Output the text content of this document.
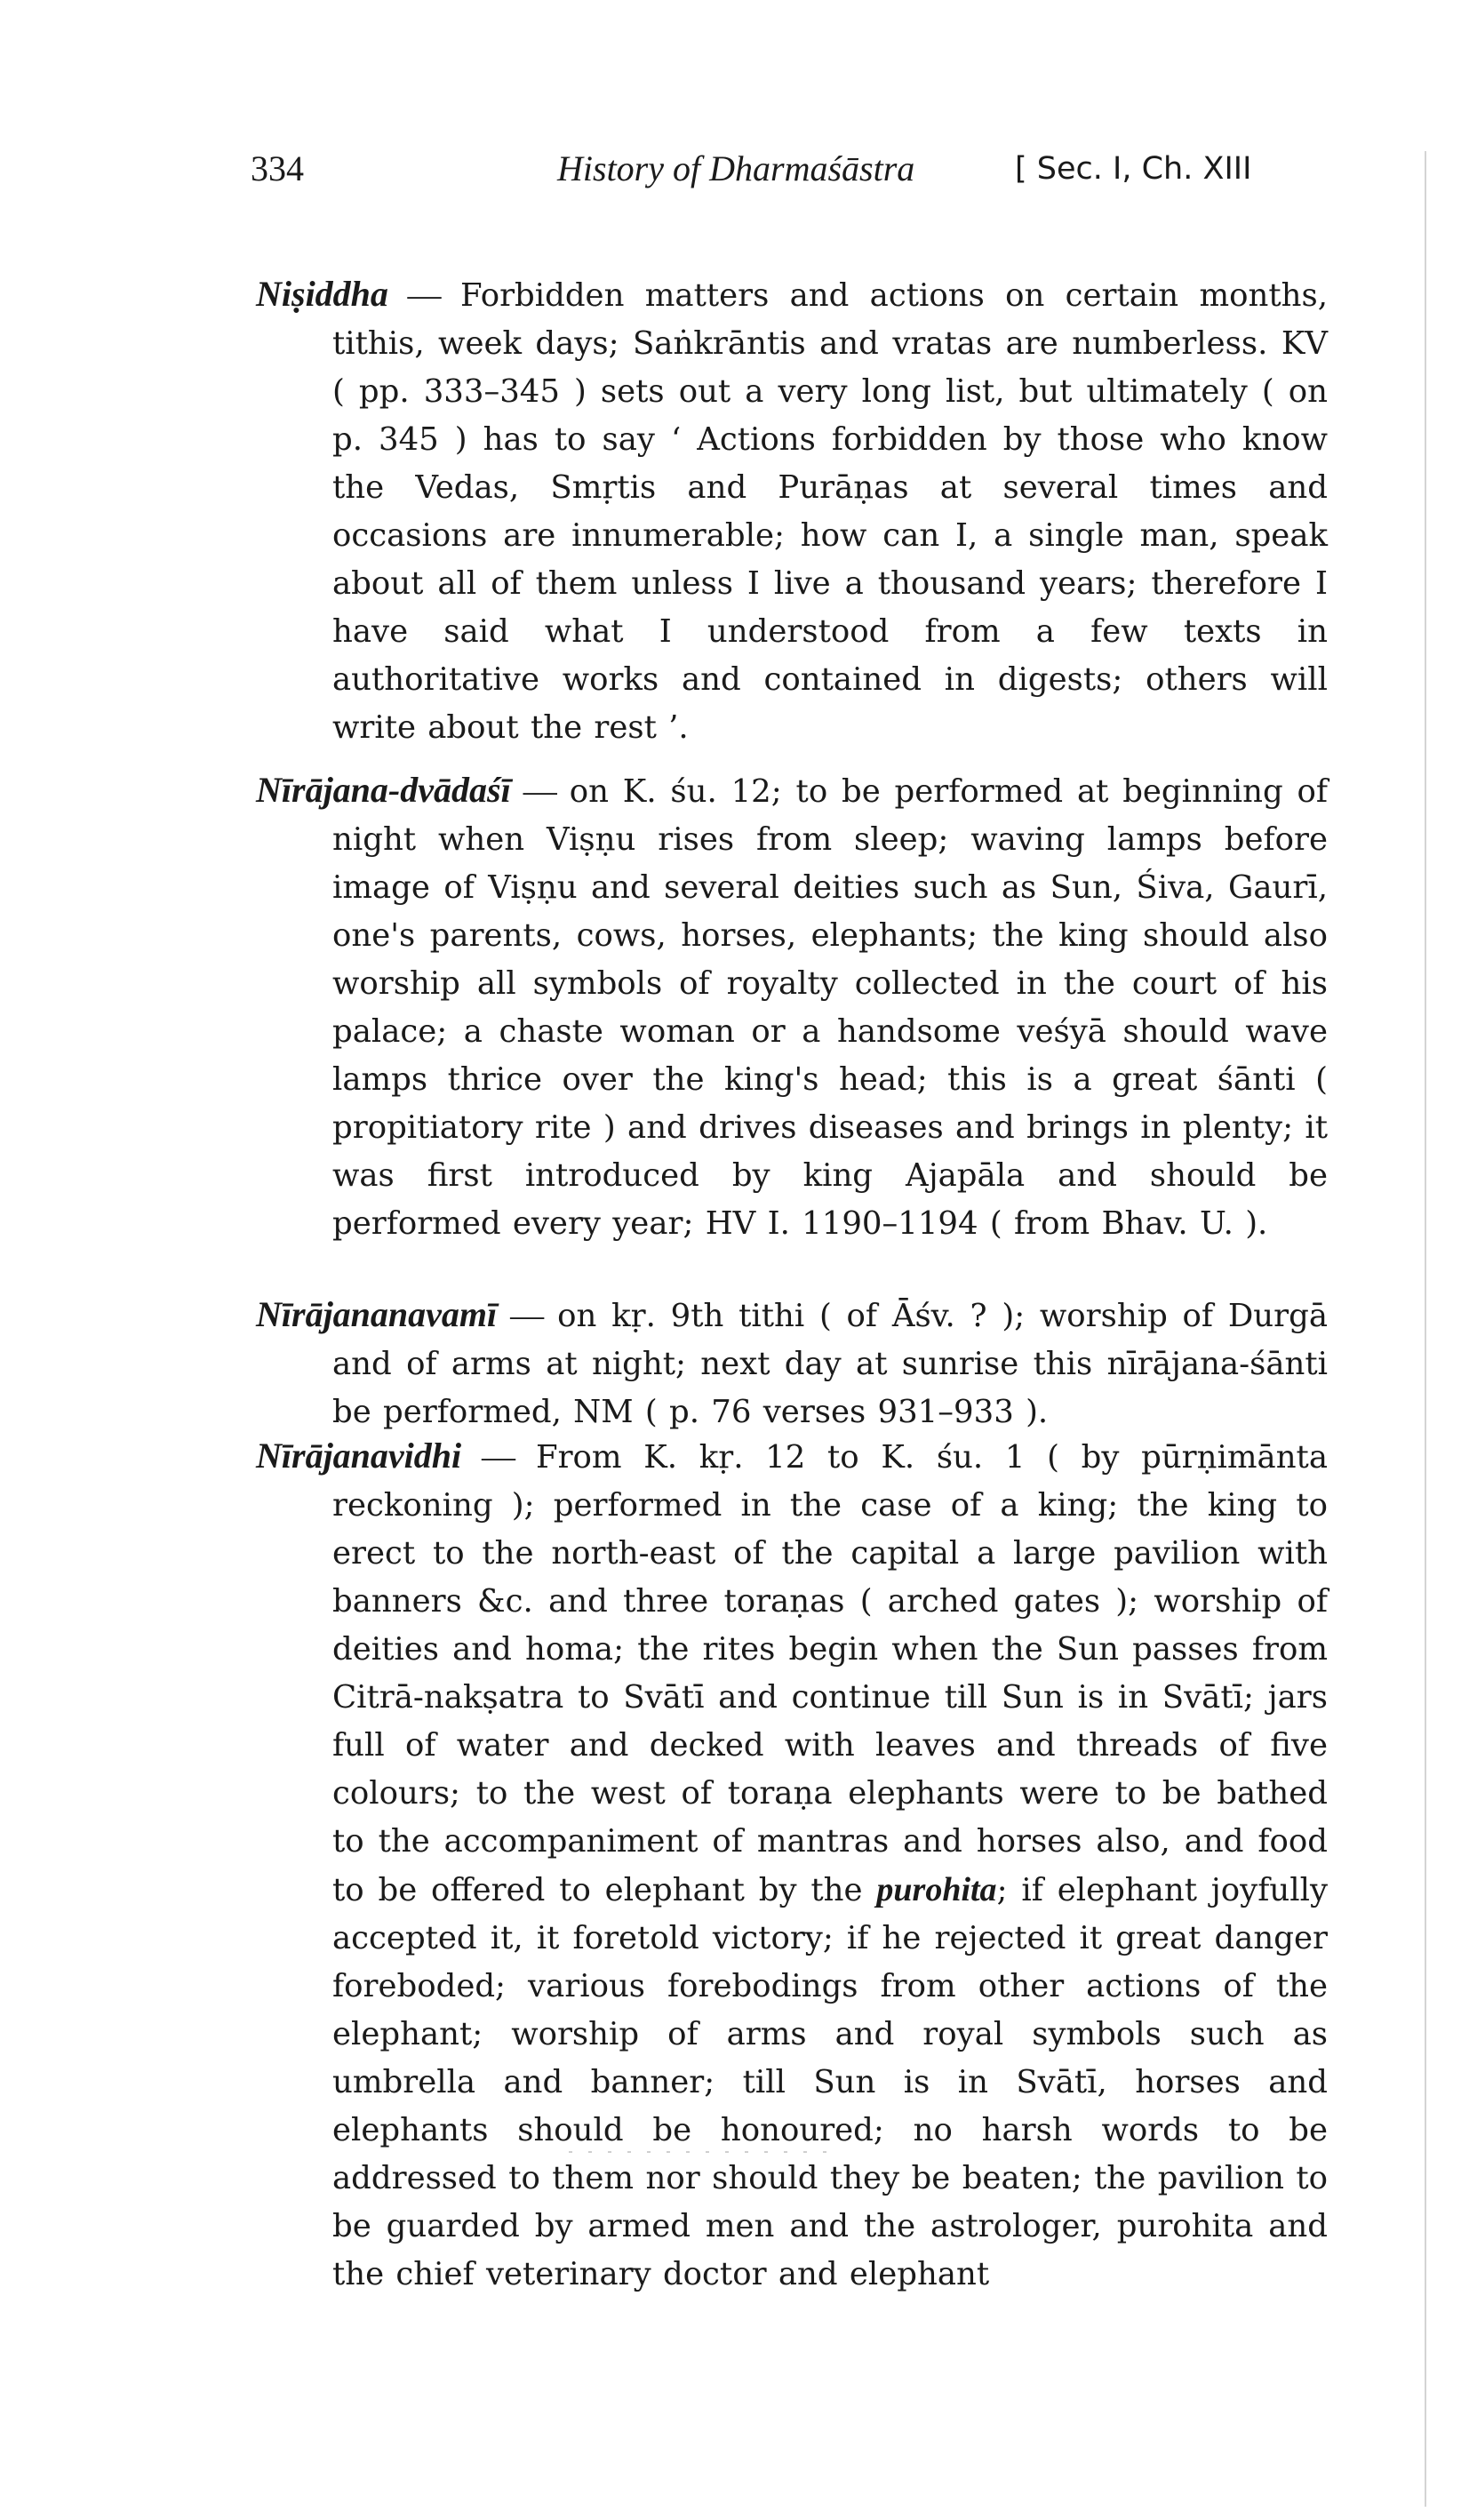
334	History of Dharmaśāstra	[ Sec. I, Ch. XIII

Niṣiddha — Forbidden matters and actions on certain months, tithis, week days; Saṅkrāntis and vratas are numberless. KV ( pp. 333–345 ) sets out a very long list, but ultimately ( on p. 345 ) has to say ‘ Actions forbidden by those who know the Vedas, Smṛtis and Purāṇas at several times and occasions are innumerable; how can I, a single man, speak about all of them unless I live a thousand years; therefore I have said what I understood from a few texts in authoritative works and contained in digests; others will write about the rest ’.

Nīrājana-dvādaśī — on K. śu. 12; to be performed at beginning of night when Viṣṇu rises from sleep; waving lamps before image of Viṣṇu and several deities such as Sun, Śiva, Gaurī, one's parents, cows, horses, elephants; the king should also worship all symbols of royalty collected in the court of his palace; a chaste woman or a handsome veśyā should wave lamps thrice over the king's head; this is a great śānti ( propitiatory rite ) and drives diseases and brings in plenty; it was first introduced by king Ajapāla and should be performed every year; HV I. 1190–1194 ( from Bhav. U. ).

Nīrājananavamī — on kṛ. 9th tithi ( of Āśv. ? ); worship of Durgā and of arms at night; next day at sunrise this nīrājana-śānti be performed, NM ( p. 76 verses 931–933 ).

Nīrājanavidhi — From K. kṛ. 12 to K. śu. 1 ( by pūrṇimānta reckoning ); performed in the case of a king; the king to erect to the north-east of the capital a large pavilion with banners &c. and three toraṇas ( arched gates ); worship of deities and homa; the rites begin when the Sun passes from Citrā-nakṣatra to Svātī and continue till Sun is in Svātī; jars full of water and decked with leaves and threads of five colours; to the west of toraṇa elephants were to be bathed to the accompaniment of mantras and horses also, and food to be offered to elephant by the purohita; if elephant joyfully accepted it, it foretold victory; if he rejected it great danger foreboded; various forebodings from other actions of the elephant; worship of arms and royal symbols such as umbrella and banner; till Sun is in Svātī, horses and elephants should be honoured; no harsh words to be addressed to them nor should they be beaten; the pavilion to be guarded by armed men and the astrologer, purohita and the chief veterinary doctor and elephant
